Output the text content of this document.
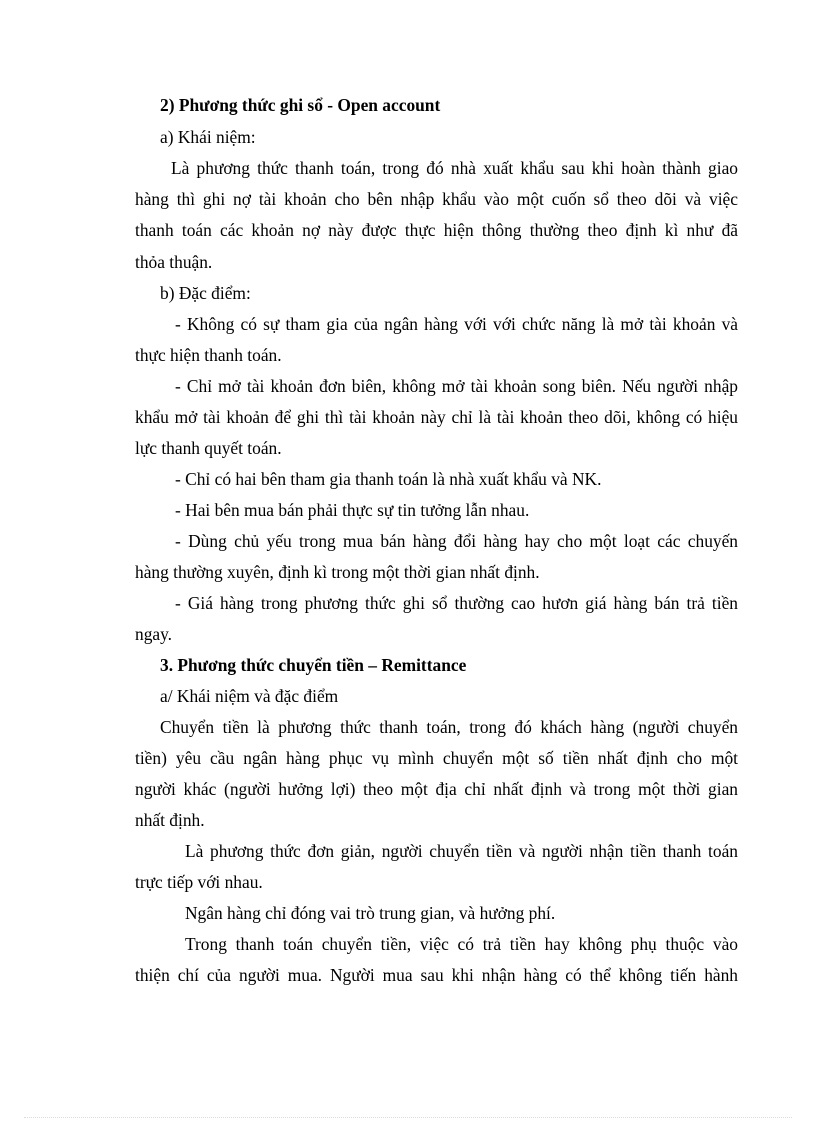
2) Phương thức ghi sổ - Open account
a) Khái niệm:
Là phương thức thanh toán, trong đó nhà xuất khẩu sau khi hoàn thành giao
hàng thì ghi nợ tài khoản cho bên nhập khẩu vào một cuốn sổ theo dõi và việc
thanh toán các khoản nợ này được thực hiện thông thường theo định kì như đã
thỏa thuận.
b) Đặc điểm:
- Không có sự tham gia của ngân hàng với với chức năng là mở tài khoản và
thực hiện thanh toán.
- Chỉ mở tài khoản đơn biên, không mở tài khoản song biên. Nếu người nhập
khẩu mở tài khoản để ghi thì tài khoản này chỉ là tài khoản theo dõi, không có hiệu
lực thanh quyết toán.
- Chỉ có hai bên tham gia thanh toán là nhà xuất khẩu và NK.
- Hai bên mua bán phải thực sự tin tưởng lẫn nhau.
- Dùng chủ yếu trong mua bán hàng đổi hàng hay cho một loạt các chuyến
hàng thường xuyên, định kì trong một thời gian nhất định.
- Giá hàng trong phương thức ghi sổ thường cao hươn giá hàng bán trả tiền
ngay.
3. Phương thức chuyển tiền – Remittance
a/ Khái niệm và đặc điểm
Chuyển tiền là phương thức thanh toán, trong đó khách hàng (người chuyển
tiền) yêu cầu ngân hàng phục vụ mình chuyển một số tiền nhất định cho một
người khác (người hưởng lợi) theo một địa chỉ nhất định và trong một thời gian
nhất định.
Là phương thức đơn giản, người chuyển tiền và người nhận tiền thanh toán
trực tiếp với nhau.
Ngân hàng chỉ đóng vai trò trung gian, và hưởng phí.
Trong thanh toán chuyển tiền, việc có trả tiền hay không phụ thuộc vào
thiện chí của người mua. Người mua sau khi nhận hàng có thể không tiến hành
